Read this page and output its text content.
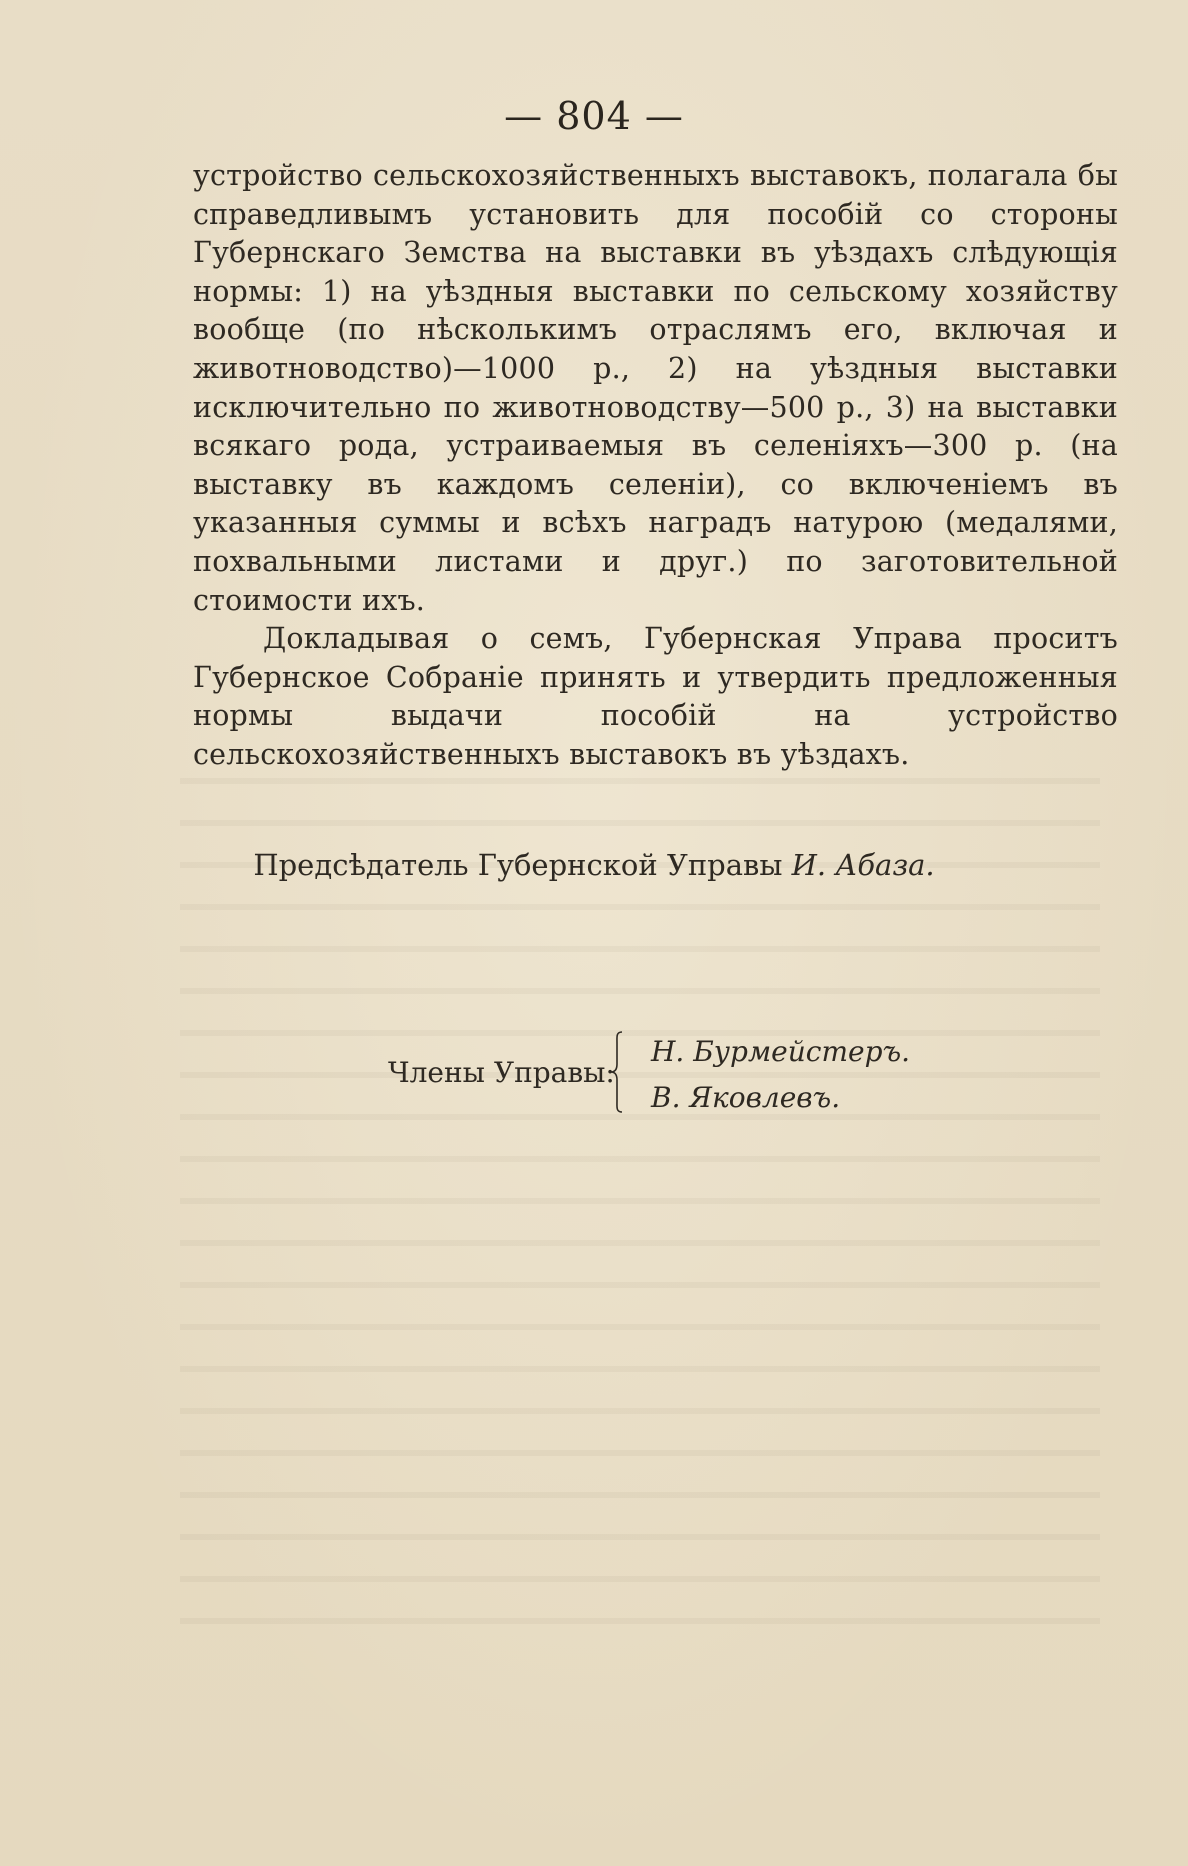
— 804 —

устройство сельскохозяйственныхъ выставокъ, полагала бы справедливымъ установить для пособій со стороны Губернскаго Земства на выставки въ уѣздахъ слѣдующія нормы: 1) на уѣздныя выставки по сельскому хозяйству вообще (по нѣсколькимъ отраслямъ его, включая и животноводство)—1000 р., 2) на уѣздныя выставки исключительно по животноводству—500 р., 3) на выставки всякаго рода, устраиваемыя въ селеніяхъ—300 р. (на выставку въ каждомъ селеніи), со включеніемъ въ указанныя суммы и всѣхъ наградъ натурою (медалями, похвальными листами и друг.) по заготовительной стоимости ихъ.

Докладывая о семъ, Губернская Управа проситъ Губернское Собраніе принять и утвердить предложенныя нормы выдачи пособій на устройство сельскохозяйственныхъ выставокъ въ уѣздахъ.

Предсѣдатель Губернской Управы И. Абаза.
Члены Управы:
Н. Бурмейстеръ.
В. Яковлевъ.
